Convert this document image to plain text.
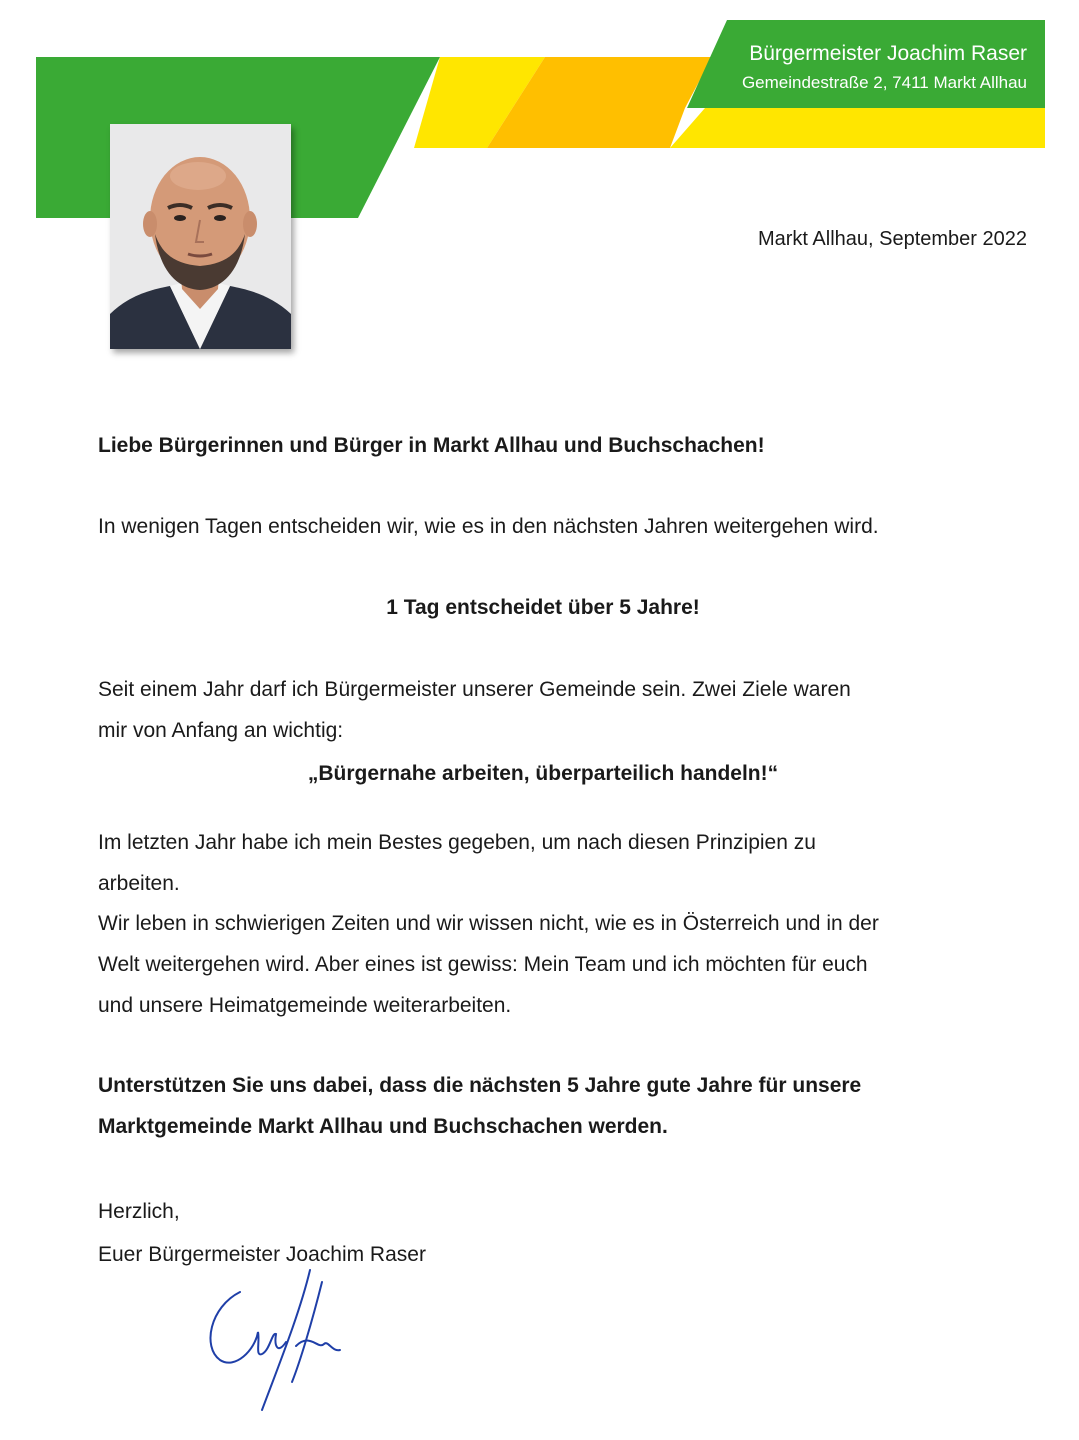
Bürgermeister Joachim Raser
Gemeindestraße 2, 7411 Markt Allhau
Markt Allhau, September 2022
Liebe Bürgerinnen und Bürger in Markt Allhau und Buchschachen!
In wenigen Tagen entscheiden wir, wie es in den nächsten Jahren weitergehen wird.
1 Tag entscheidet über 5 Jahre!
Seit einem Jahr darf ich Bürgermeister unserer Gemeinde sein. Zwei Ziele waren
mir von Anfang an wichtig:
„Bürgernahe arbeiten, überparteilich handeln!“
Im letzten Jahr habe ich mein Bestes gegeben, um nach diesen Prinzipien zu
arbeiten.
Wir leben in schwierigen Zeiten und wir wissen nicht, wie es in Österreich und in der
Welt weitergehen wird. Aber eines ist gewiss: Mein Team und ich möchten für euch
und unsere Heimatgemeinde weiterarbeiten.
Unterstützen Sie uns dabei, dass die nächsten 5 Jahre gute Jahre für unsere
Marktgemeinde Markt Allhau und Buchschachen werden.
Herzlich,
Euer Bürgermeister Joachim Raser
